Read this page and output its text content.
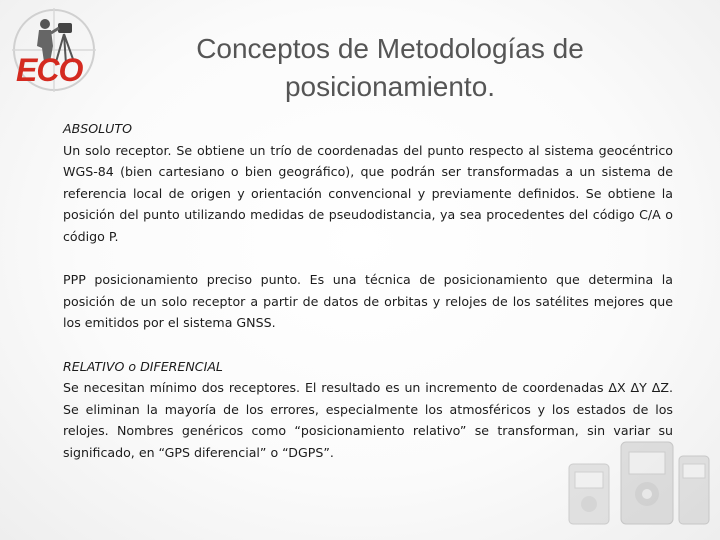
ECO
Conceptos de Metodologías de posicionamiento.

ABSOLUTO

Un solo receptor. Se obtiene un trío de coordenadas del punto respecto al sistema geocéntrico WGS-84 (bien cartesiano o bien geográfico), que podrán ser transformadas a un sistema de referencia local de origen y orientación convencional y previamente definidos. Se obtiene la posición del punto utilizando medidas de pseudodistancia, ya sea procedentes del código C/A o código P.

PPP posicionamiento preciso punto. Es una técnica de posicionamiento que determina la posición de un solo receptor a partir de datos de orbitas y relojes de los satélites mejores que los emitidos por el sistema GNSS.

RELATIVO o DIFERENCIAL

Se necesitan mínimo dos receptores. El resultado es un incremento de coordenadas ΔX ΔY ΔZ. Se eliminan la mayoría de los errores, especialmente los atmosféricos y los estados de los relojes. Nombres genéricos como “posicionamiento relativo” se transforman, sin variar su significado, en “GPS diferencial” o “DGPS”.
